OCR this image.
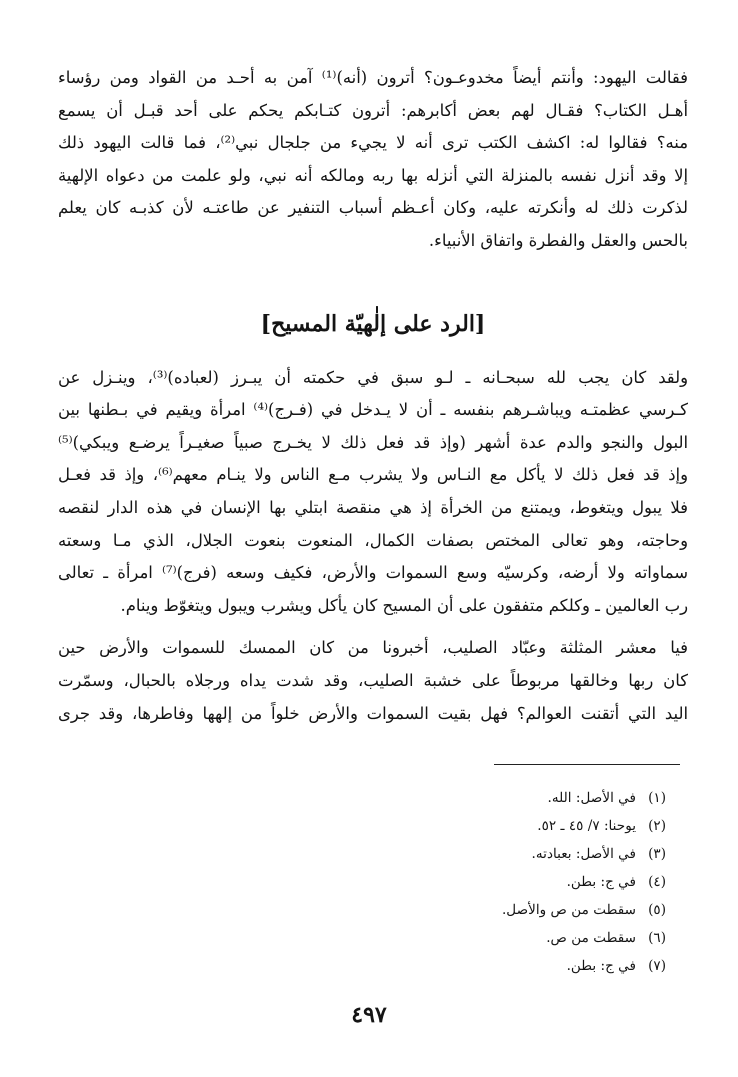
فقالت اليهود: وأنتم أيضاً مخدوعـون؟ أترون (أنه)⁽¹⁾ آمن به أحـد من القواد ومن رؤساء

أهـل الكتاب؟ فقـال لهم بعض أكابرهم: أترون كتـابكم يحكم على أحد قبـل أن يسمع

منه؟ فقالوا له: اكشف الكتب ترى أنه لا يجيء من جلجال نبي⁽²⁾، فما قالت اليهود ذلك

إلا وقد أنزل نفسه بالمنزلة التي أنزله بها ربه ومالكه أنه نبي، ولو علمت من دعواه الإلهية

لذكرت ذلك له وأنكرته عليه، وكان أعـظم أسباب التنفير عن طاعتـه لأن كذبـه كان يعلم

بالحس والعقل والفطرة واتفاق الأنبياء.

[الرد على إلٰهيّة المسيح]

ولقد كان يجب لله سبحـانه ـ لـو سبق في حكمته أن يبـرز (لعباده)⁽³⁾، وينـزل عن

كـرسي عظمتـه ويباشـرهم بنفسه ـ أن لا يـدخل في (فـرج)⁽⁴⁾ امرأة ويقيم في بـطنها بين

البول والنجو والدم عدة أشهر (وإذ قد فعل ذلك لا يخـرج صبياً صغيـراً يرضـع ويبكي)⁽⁵⁾

وإذ قد فعل ذلك لا يأكل مع النـاس ولا يشرب مـع الناس ولا ينـام معهم⁽⁶⁾، وإذ قد فعـل

فلا يبول ويتغوط، ويمتنع من الخرأة إذ هي منقصة ابتلي بها الإنسان في هذه الدار لنقصه

وحاجته، وهو تعالى المختص بصفات الكمال، المنعوت بنعوت الجلال، الذي مـا وسعته

سماواته ولا أرضه، وكرسيّه وسع السموات والأرض، فكيف وسعه (فرج)⁽⁷⁾ امرأة ـ تعالى

رب العالمين ـ وكلكم متفقون على أن المسيح كان يأكل ويشرب ويبول ويتغوّط وينام.

فيا معشر المثلثة وعبّاد الصليب، أخبرونا من كان الممسك للسموات والأرض حين

كان ربها وخالقها مربوطاً على خشبة الصليب، وقد شدت يداه ورجلاه بالحبال، وسمّرت

اليد التي أتقنت العوالم؟ فهل بقيت السموات والأرض خلواً من إلهها وفاطرها، وقد جرى

(١)في الأصل: الله.
(٢)يوحنا: ٧/ ٤٥ ـ ٥٢.
(٣)في الأصل: بعبادته.
(٤)في ج: بطن.
(٥)سقطت من ص والأصل.
(٦)سقطت من ص.
(٧)في ج: بطن.
٤٩٧
